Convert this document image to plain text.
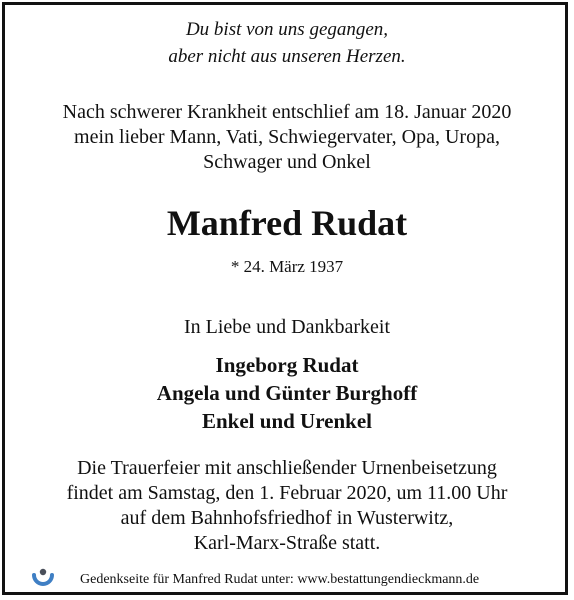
Du bist von uns gegangen,

aber nicht aus unseren Herzen.

Nach schwerer Krankheit entschlief am 18. Januar 2020

mein lieber Mann, Vati, Schwiegervater, Opa, Uropa,

Schwager und Onkel

Manfred Rudat

* 24. März 1937

In Liebe und Dankbarkeit

Ingeborg Rudat

Angela und Günter Burghoff

Enkel und Urenkel

Die Trauerfeier mit anschließender Urnenbeisetzung

findet am Samstag, den 1. Februar 2020, um 11.00 Uhr

auf dem Bahnhofsfriedhof in Wusterwitz,

Karl-Marx-Straße statt.

Gedenkseite für Manfred Rudat unter: www.bestattungendieckmann.de
